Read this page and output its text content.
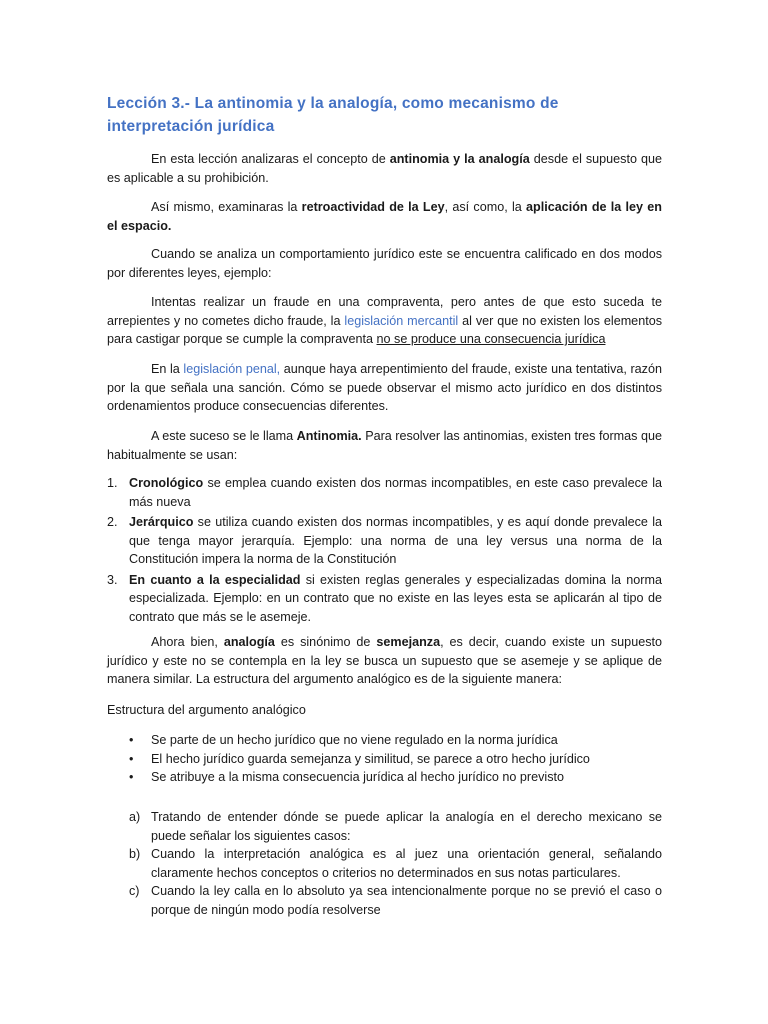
Lección 3.- La antinomia y la analogía, como mecanismo de interpretación jurídica
En esta lección analizaras el concepto de antinomia y la analogía desde el supuesto que es aplicable a su prohibición.
Así mismo, examinaras la retroactividad de la Ley, así como, la aplicación de la ley en el espacio.
Cuando se analiza un comportamiento jurídico este se encuentra calificado en dos modos por diferentes leyes, ejemplo:
Intentas realizar un fraude en una compraventa, pero antes de que esto suceda te arrepientes y no cometes dicho fraude, la legislación mercantil al ver que no existen los elementos para castigar porque se cumple la compraventa no se produce una consecuencia jurídica
En la legislación penal, aunque haya arrepentimiento del fraude, existe una tentativa, razón por la que señala una sanción. Cómo se puede observar el mismo acto jurídico en dos distintos ordenamientos produce consecuencias diferentes.
A este suceso se le llama Antinomia. Para resolver las antinomias, existen tres formas que habitualmente se usan:
1. Cronológico se emplea cuando existen dos normas incompatibles, en este caso prevalece la más nueva
2. Jerárquico se utiliza cuando existen dos normas incompatibles, y es aquí donde prevalece la que tenga mayor jerarquía. Ejemplo: una norma de una ley versus una norma de la Constitución impera la norma de la Constitución
3. En cuanto a la especialidad si existen reglas generales y especializadas domina la norma especializada. Ejemplo: en un contrato que no existe en las leyes esta se aplicarán al tipo de contrato que más se le asemeje.
Ahora bien, analogía es sinónimo de semejanza, es decir, cuando existe un supuesto jurídico y este no se contempla en la ley se busca un supuesto que se asemeje y se aplique de manera similar. La estructura del argumento analógico es de la siguiente manera:
Estructura del argumento analógico
• Se parte de un hecho jurídico que no viene regulado en la norma jurídica
• El hecho jurídico guarda semejanza y similitud, se parece a otro hecho jurídico
• Se atribuye a la misma consecuencia jurídica al hecho jurídico no previsto
a) Tratando de entender dónde se puede aplicar la analogía en el derecho mexicano se puede señalar los siguientes casos:
b) Cuando la interpretación analógica es al juez una orientación general, señalando claramente hechos conceptos o criterios no determinados en sus notas particulares.
c) Cuando la ley calla en lo absoluto ya sea intencionalmente porque no se previó el caso o porque de ningún modo podía resolverse
